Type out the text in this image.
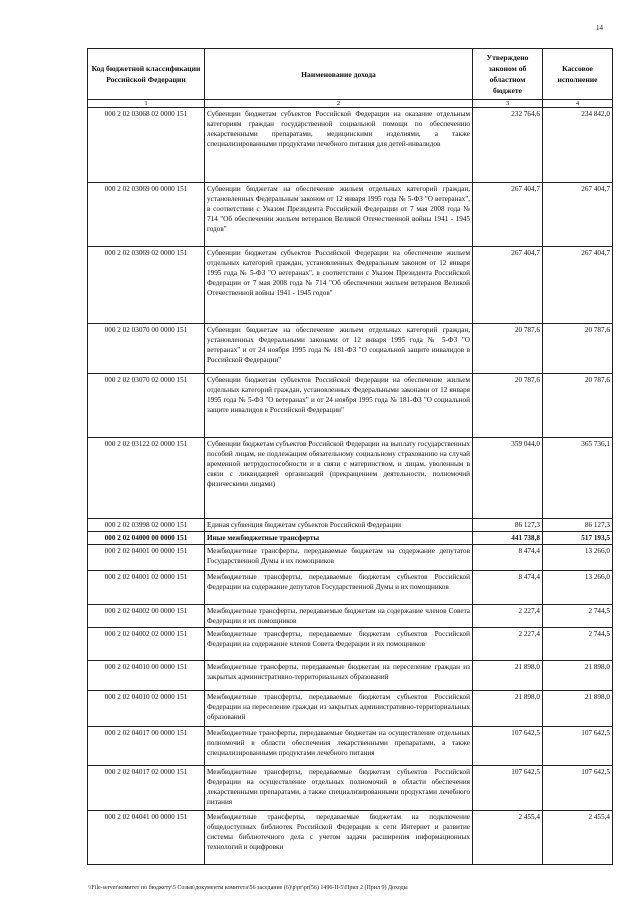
14
Код бюджетной классификации Российской Федерации	Наименование дохода	Утверждено законом об областном бюджете	Кассовое исполнение
1	2	3	4
000 2 02 03068 02 0000 151	Субвенции бюджетам субъектов Российской Федерации на оказание отдельным категориям граждан государственной социальной помощи по обеспечению лекарственными препаратами, медицинскими изделиями, а также специализированными продуктами лечебного питания для детей-инвалидов	232 764,6	234 842,0
000 2 02 03069 00 0000 151	Субвенции бюджетам на обеспечение жильем отдельных категорий граждан, установленных Федеральным законом от 12 января 1995 года № 5-ФЗ "О ветеранах", в соответствии с Указом Президента Российской Федерации от 7 мая 2008 года № 714 "Об обеспечении жильем ветеранов Великой Отечественной войны 1941 - 1945 годов"	267 404,7	267 404,7
000 2 02 03069 02 0000 151	Субвенции бюджетам субъектов Российской Федерации на обеспечение жильем отдельных категорий граждан, установленных Федеральным законом от 12 января 1995 года № 5-ФЗ "О ветеранах", в соответствии с Указом Президента Российской Федерации от 7 мая 2008 года № 714 "Об обеспечении жильем ветеранов Великой Отечественной войны 1941 - 1945 годов"	267 404,7	267 404,7
000 2 02 03070 00 0000 151	Субвенции бюджетам на обеспечение жильем отдельных категорий граждан, установленных Федеральными законами от 12 января 1995 года № 5-ФЗ "О ветеранах" и от 24 ноября 1995 года № 181-ФЗ "О социальной защите инвалидов в Российской Федерации"	20 787,6	20 787,6
000 2 02 03070 02 0000 151	Субвенции бюджетам субъектов Российской Федерации на обеспечение жильем отдельных категорий граждан, установленных Федеральными законами от 12 января 1995 года № 5-ФЗ "О ветеранах" и от 24 ноября 1995 года № 181-ФЗ "О социальной защите инвалидов в Российской Федерации"	20 787,6	20 787,6
000 2 02 03122 02 0000 151	Субвенции бюджетам субъектов Российской Федерации на выплату государственных пособий лицам, не подлежащим обязательному социальному страхованию на случай временной нетрудоспособности и в связи с материнством, и лицам, уволенным в связи с ликвидацией организаций (прекращением деятельности, полномочий физическими лицами)	359 044,0	365 736,1
000 2 02 03998 02 0000 151	Единая субвенция бюджетам субъектов Российской Федерации	86 127,3	86 127,3
000 2 02 04000 00 0000 151	Иные межбюджетные трансферты	441 738,8	517 193,5
000 2 02 04001 00 0000 151	Межбюджетные трансферты, передаваемые бюджетам на содержание депутатов Государственной Думы и их помощников	8 474,4	13 266,0
000 2 02 04001 02 0000 151	Межбюджетные трансферты, передаваемые бюджетам субъектов Российской Федерации на содержание депутатов Государственной Думы и их помощников	8 474,4	13 266,0
000 2 02 04002 00 0000 151	Межбюджетные трансферты, передаваемые бюджетам на содержание членов Совета Федерации и их помощников	2 227,4	2 744,5
000 2 02 04002 02 0000 151	Межбюджетные трансферты, передаваемые бюджетам субъектов Российской Федерации на содержание членов Совета Федерации и их помощников	2 227,4	2 744,5
000 2 02 04010 00 0000 151	Межбюджетные трансферты, передаваемые бюджетам на переселение граждан из закрытых административно-территориальных образований	21 898,0	21 898,0
000 2 02 04010 02 0000 151	Межбюджетные трансферты, передаваемые бюджетам субъектов Российской Федерации на переселение граждан из закрытых административно-территориальных образований	21 898,0	21 898,0
000 2 02 04017 00 0000 151	Межбюджетные трансферты, передаваемые бюджетам на осуществление отдельных полномочий в области обеспечения лекарственными препаратами, а также специализированными продуктами лечебного питания	107 642,5	107 642,5
000 2 02 04017 02 0000 151	Межбюджетные трансферты, передаваемые бюджетам субъектов Российской Федерации на осуществление отдельных полномочий в области обеспечения лекарственными препаратами, а также специализированными продуктами лечебного питания	107 642,5	107 642,5
000 2 02 04041 00 0000 151	Межбюджетные трансферты, передаваемые бюджетам на подключение общедоступных библиотек Российской Федерации к сети Интернет и развитие системы библиотечного дела с учетом задачи расширения информационных технологий и оцифровки	2 455,4	2 455,4
\\File-server\комитет по бюджету\5 Созыв\документы комитета\56 заседание (6)\p\pr\pr(56) 1496-II-5\Прил 2 (Прил 9) Доходы
